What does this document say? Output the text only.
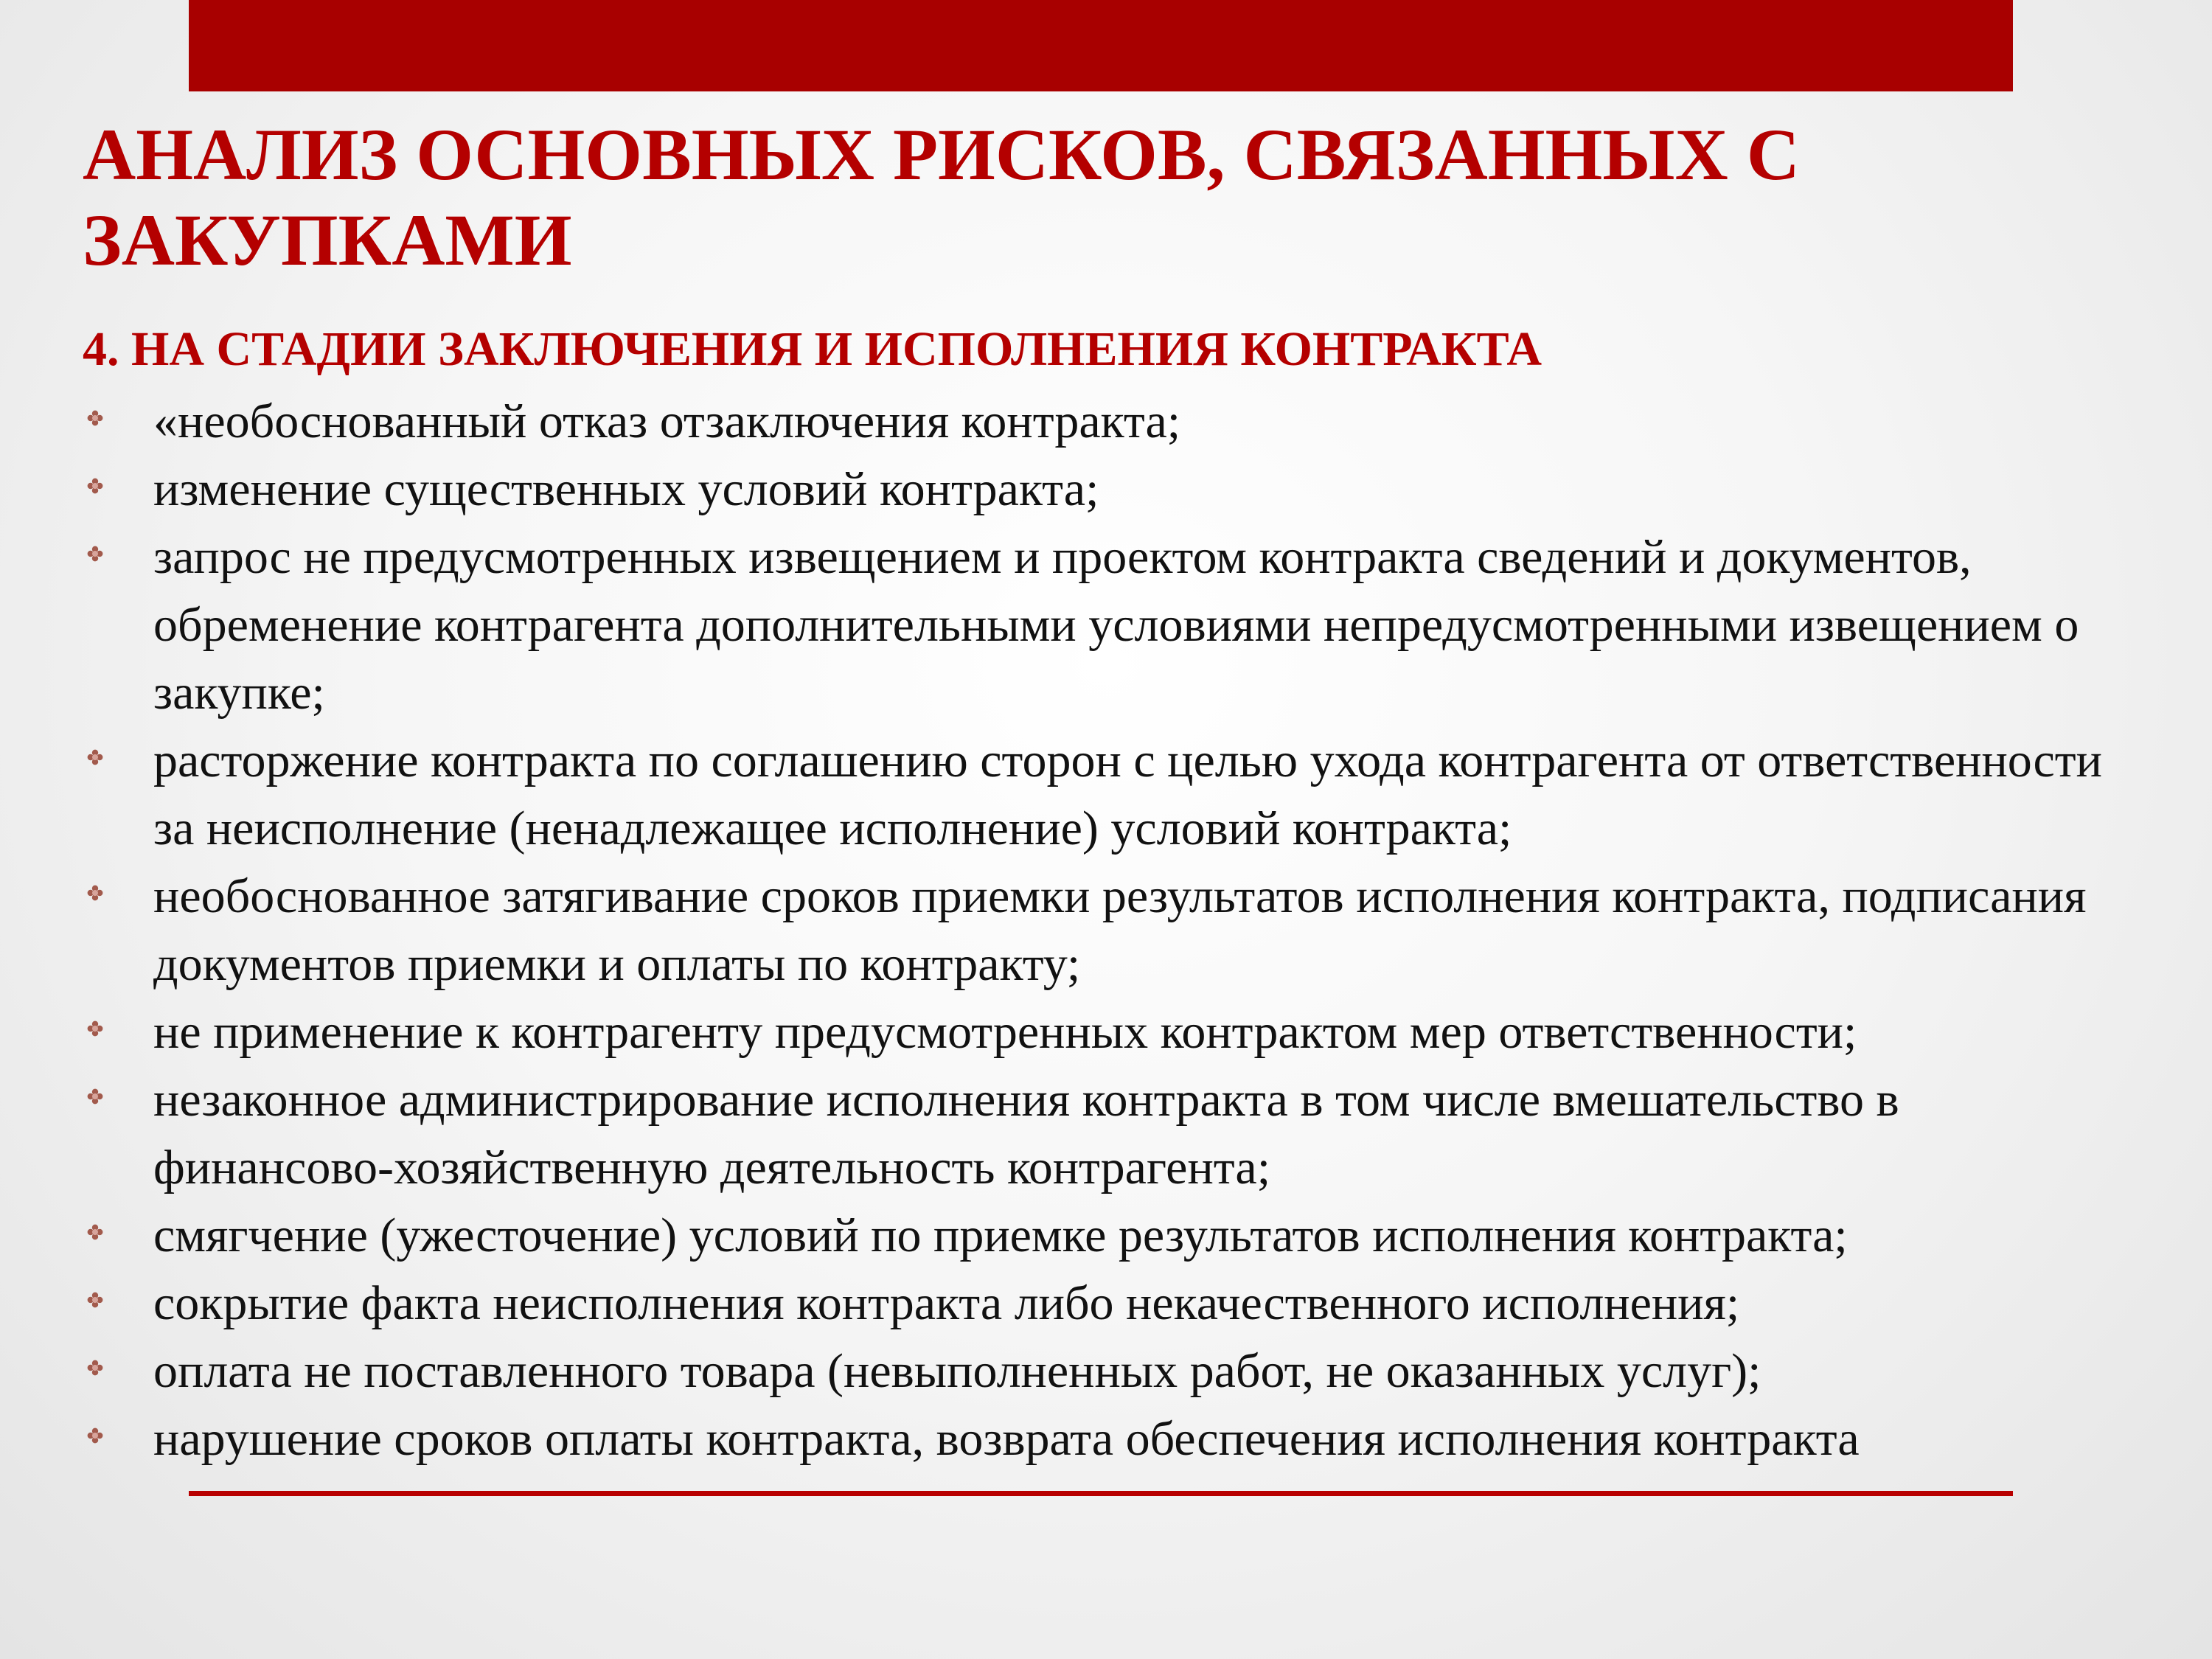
АНАЛИЗ ОСНОВНЫХ РИСКОВ, СВЯЗАННЫХ С ЗАКУПКАМИ
4. НА СТАДИИ ЗАКЛЮЧЕНИЯ И ИСПОЛНЕНИЯ КОНТРАКТА
«необоснованный отказ отзаключения контракта;
изменение существенных условий контракта;
запрос не предусмотренных извещением и проектом контракта сведений и документов, обременение контрагента дополнительными условиями непредусмотренными извещением о закупке;
расторжение контракта по соглашению сторон с целью ухода контрагента от ответственности за неисполнение (ненадлежащее исполнение) условий контракта;
необоснованное затягивание сроков приемки результатов исполнения контракта, подписания документов приемки и оплаты по контракту;
не применение к контрагенту предусмотренных контрактом мер ответственности;
незаконное администрирование исполнения контракта в том числе вмешательство в финансово-хозяйственную деятельность контрагента;
смягчение (ужесточение) условий по приемке результатов исполнения контракта;
сокрытие факта неисполнения контракта либо некачественного исполнения;
оплата не поставленного товара (невыполненных работ, не оказанных услуг);
нарушение сроков оплаты контракта, возврата обеспечения исполнения контракта
